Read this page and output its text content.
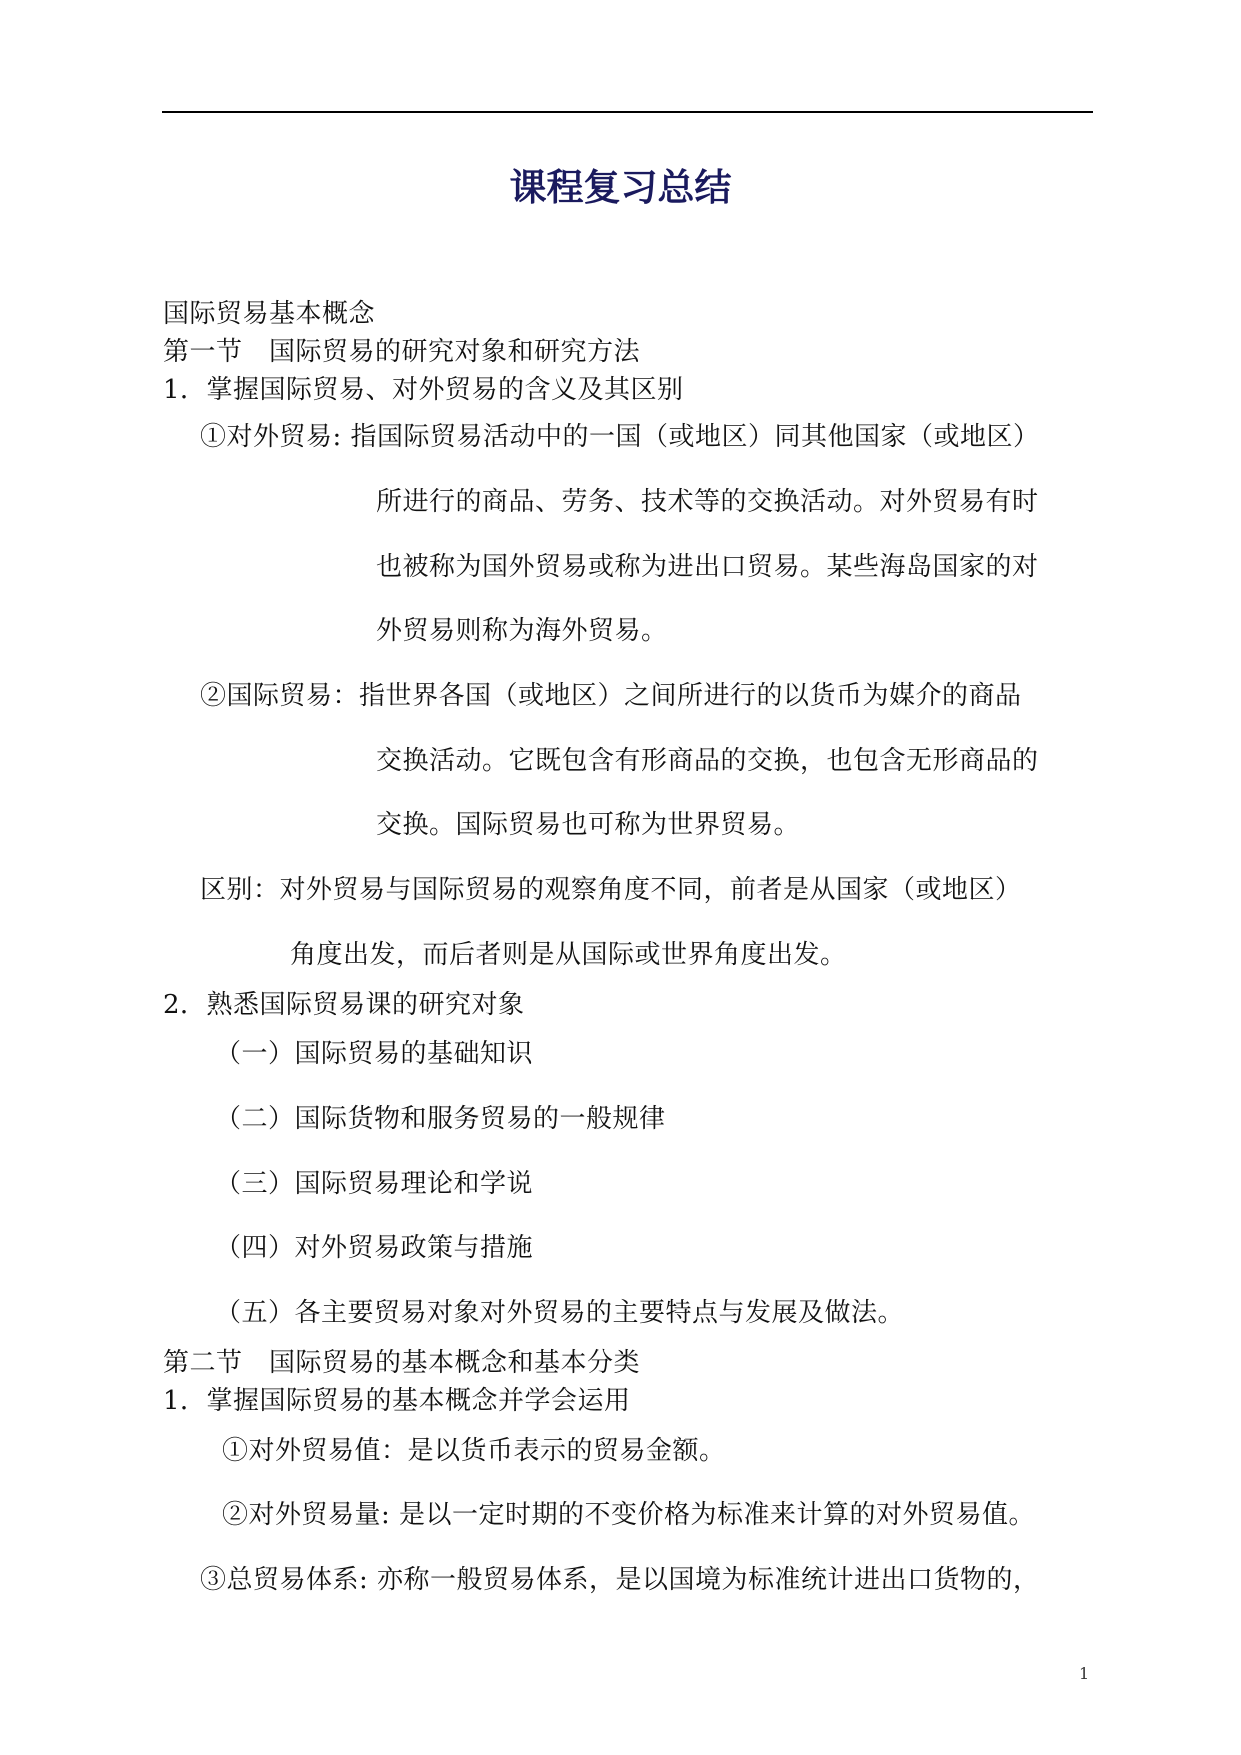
课程复习总结
国际贸易基本概念
第一节　国际贸易的研究对象和研究方法
1．掌握国际贸易、对外贸易的含义及其区别
①对外贸易: 指国际贸易活动中的一国（或地区）同其他国家（或地区）
所进行的商品、劳务、技术等的交换活动。对外贸易有时
也被称为国外贸易或称为进出口贸易。某些海岛国家的对
外贸易则称为海外贸易。
②国际贸易：指世界各国（或地区）之间所进行的以货币为媒介的商品
交换活动。它既包含有形商品的交换，也包含无形商品的
交换。国际贸易也可称为世界贸易。
区别：对外贸易与国际贸易的观察角度不同，前者是从国家（或地区）
角度出发，而后者则是从国际或世界角度出发。
2．熟悉国际贸易课的研究对象
（一）国际贸易的基础知识
（二）国际货物和服务贸易的一般规律
（三）国际贸易理论和学说
（四）对外贸易政策与措施
（五）各主要贸易对象对外贸易的主要特点与发展及做法。
第二节　国际贸易的基本概念和基本分类
1．掌握国际贸易的基本概念并学会运用
①对外贸易值：是以货币表示的贸易金额。
②对外贸易量: 是以一定时期的不变价格为标准来计算的对外贸易值。
③总贸易体系: 亦称一般贸易体系，是以国境为标准统计进出口货物的，
1
